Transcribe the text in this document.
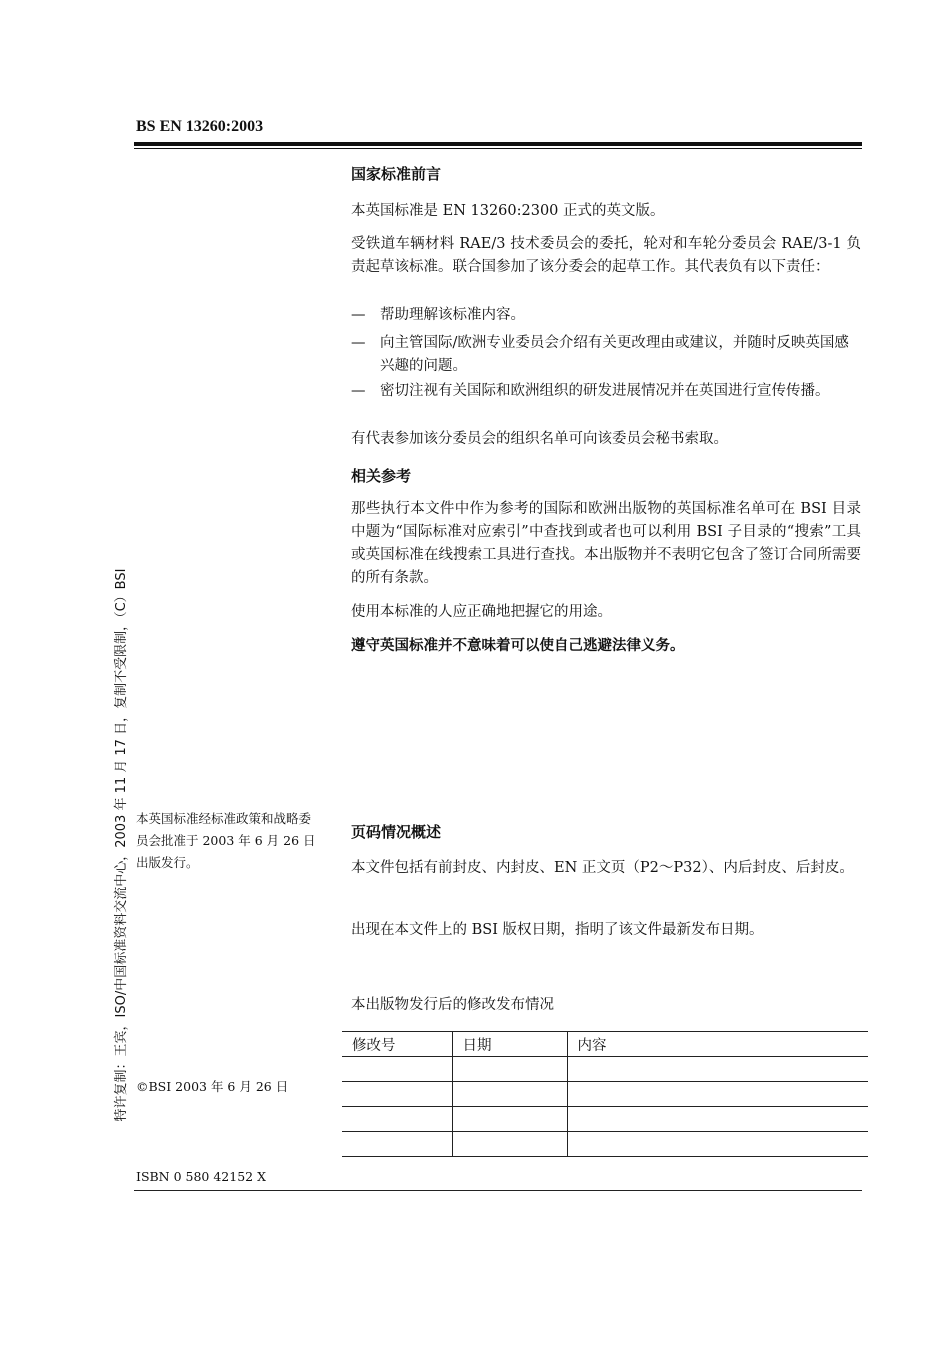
BS EN 13260:2003
特许复制：王宾，ISO/中国标准资料交流中心，2003 年 11 月 17 日，复制不受限制，（C）BSI
国家标准前言
本英国标准是 EN 13260:2300 正式的英文版。
受铁道车辆材料 RAE/3 技术委员会的委托，轮对和车轮分委员会 RAE/3-1 负责起草该标准。联合国参加了该分委会的起草工作。其代表负有以下责任：
—	帮助理解该标准内容。
—	向主管国际/欧洲专业委员会介绍有关更改理由或建议，并随时反映英国感兴趣的问题。
—	密切注视有关国际和欧洲组织的研发进展情况并在英国进行宣传传播。
有代表参加该分委员会的组织名单可向该委员会秘书索取。
相关参考
那些执行本文件中作为参考的国际和欧洲出版物的英国标准名单可在 BSI 目录中题为“国际标准对应索引”中查找到或者也可以利用 BSI 子目录的“搜索”工具或英国标准在线搜索工具进行查找。本出版物并不表明它包含了签订合同所需要的所有条款。
使用本标准的人应正确地把握它的用途。
遵守英国标准并不意味着可以使自己逃避法律义务。
本英国标准经标准政策和战略委员会批准于 2003 年 6 月 26 日出版发行。
页码情况概述
本文件包括有前封皮、内封皮、EN 正文页（P2～P32）、内后封皮、后封皮。
出现在本文件上的 BSI 版权日期，指明了该文件最新发布日期。
本出版物发行后的修改发布情况
修改号	日期	内容

©BSI 2003 年 6 月 26 日
ISBN 0 580 42152 X
